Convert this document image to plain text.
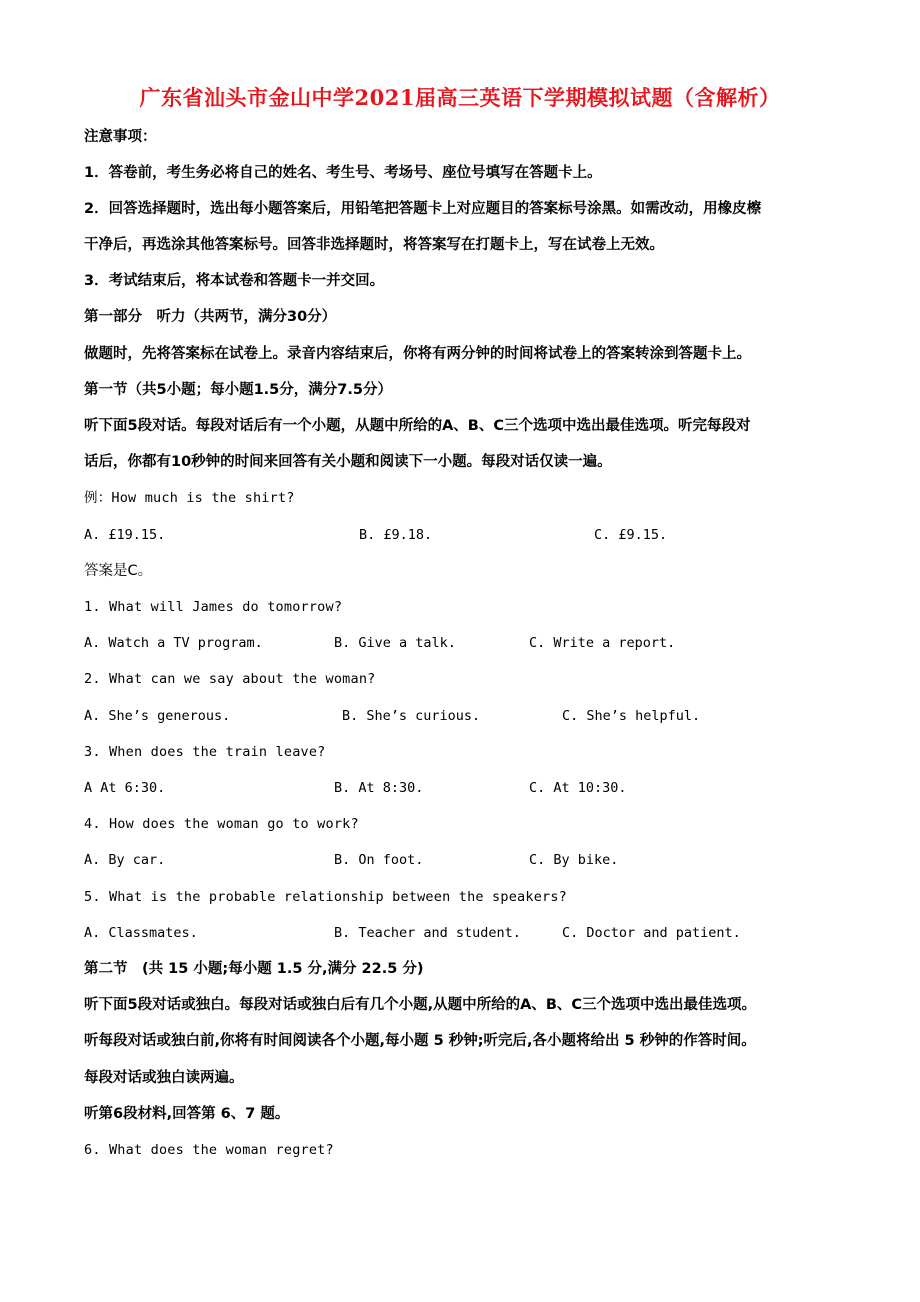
广东省汕头市金山中学2021届高三英语下学期模拟试题（含解析）
注意事项：
1．答卷前，考生务必将自己的姓名、考生号、考场号、座位号填写在答题卡上。
2．回答选择题时，选出每小题答案后，用铅笔把答题卡上对应题目的答案标号涂黑。如需改动，用橡皮檫
干净后，再选涂其他答案标号。回答非选择题时，将答案写在打题卡上，写在试卷上无效。
3．考试结束后，将本试卷和答题卡一并交回。
第一部分　听力（共两节，满分30分）
做题时，先将答案标在试卷上。录音内容结束后，你将有两分钟的时间将试卷上的答案转涂到答题卡上。
第一节（共5小题；每小题1.5分，满分7.5分）
听下面5段对话。每段对话后有一个小题，从题中所给的A、B、C三个选项中选出最佳选项。听完每段对
话后，你都有10秒钟的时间来回答有关小题和阅读下一小题。每段对话仅读一遍。
例：How much is the shirt?
A. £19.15.	B. £9.18.	C. £9.15.
答案是C。
1. What will James do tomorrow?
A. Watch a TV program.	B. Give a talk.	C. Write a report.
2. What can we say about the woman?
A. She’s generous.	B. She’s curious.	C. She’s helpful.
3. When does the train leave?
A At 6:30.	B. At 8:30.	C. At 10:30.
4. How does the woman go to work?
A. By car.	B. On foot.	C. By bike.
5. What is the probable relationship between the speakers?
A. Classmates.	B. Teacher and student.	C. Doctor and patient.
第二节　(共 15 小题;每小题 1.5 分,满分 22.5 分)
听下面5段对话或独白。每段对话或独白后有几个小题,从题中所给的A、B、C三个选项中选出最佳选项。
听每段对话或独白前,你将有时间阅读各个小题,每小题 5 秒钟;听完后,各小题将给出 5 秒钟的作答时间。
每段对话或独白读两遍。
听第6段材料,回答第 6、7 题。
6. What does the woman regret?
